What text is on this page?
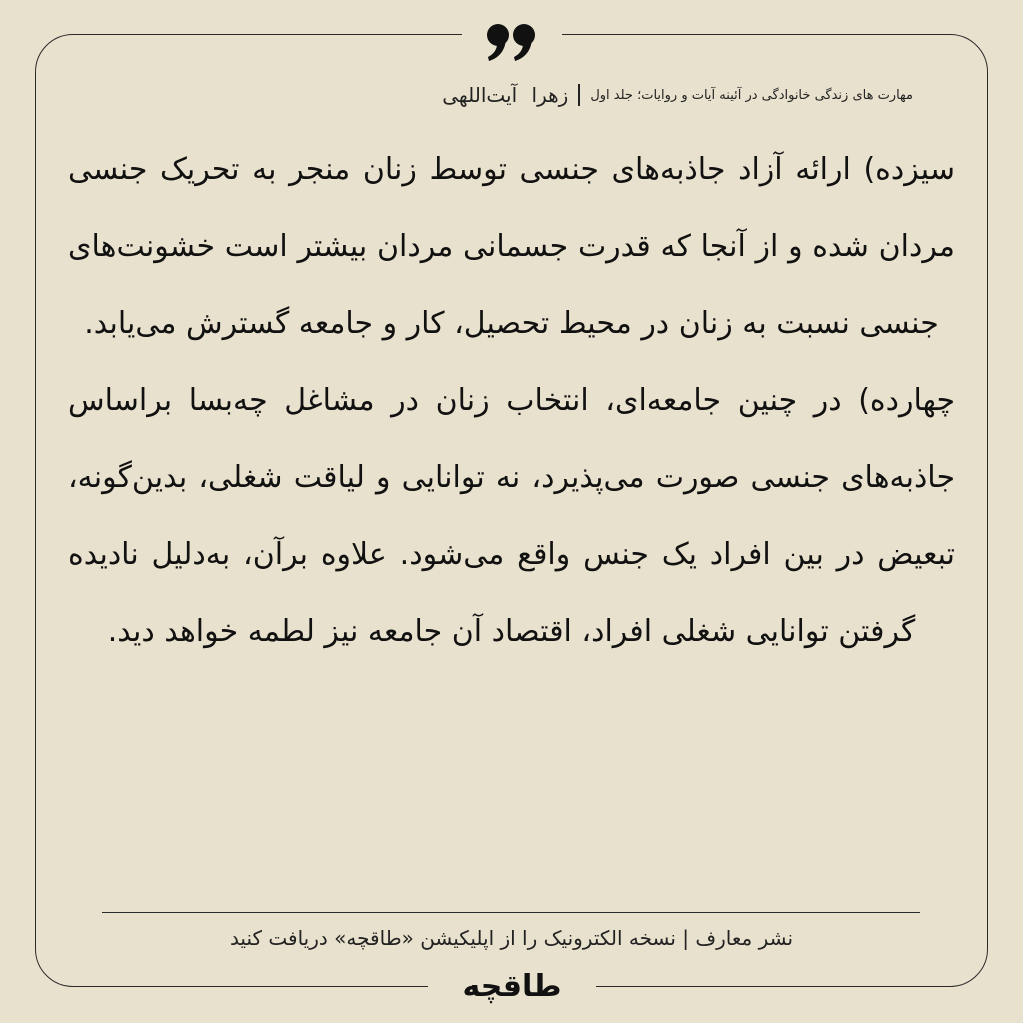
مهارت های زندگی خانوادگی در آئینه آیات و روایات؛ جلد اول
زهرا آیت‌اللهی

سیزده) ارائه آزاد جاذبه‌های جنسی توسط زنان منجر به تحریک جنسی مردان شده و از آنجا که قدرت جسمانی مردان بیشتر است خشونت‌های جنسی نسبت به زنان در محیط تحصیل، کار و جامعه گسترش می‌یابد.

چهارده) در چنین جامعه‌ای، انتخاب زنان در مشاغل چه‌بسا براساس جاذبه‌های جنسی صورت می‌پذیرد، نه توانایی و لیاقت شغلی، بدین‌گونه، تبعیض در بین افراد یک جنس واقع می‌شود. علاوه برآن، به‌دلیل نادیده گرفتن توانایی شغلی افراد، اقتصاد آن جامعه نیز لطمه خواهد دید.

نشر معارف | نسخه الکترونیک را از اپلیکیشن «طاقچه» دریافت کنید
طاقچه
